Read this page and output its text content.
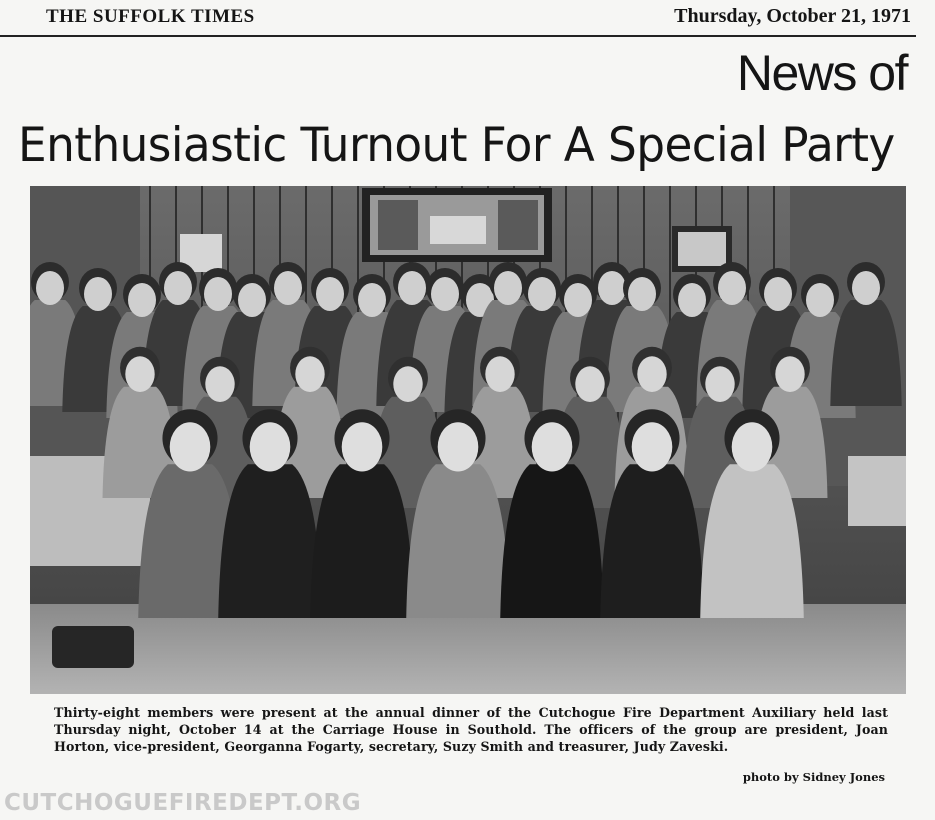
THE SUFFOLK TIMES	Thursday, October 21, 1971
News of
Enthusiastic Turnout For A Special Party
Thirty-eight members were present at the annual dinner of the Cutchogue Fire Department Auxiliary held last Thursday night, October 14 at the Carriage House in Southold. The officers of the group are president, Joan Horton, vice-president, Georganna Fogarty, secretary, Suzy Smith and treasurer, Judy Zaveski.
photo by Sidney Jones
CUTCHOGUEFIREDEPT.ORG
